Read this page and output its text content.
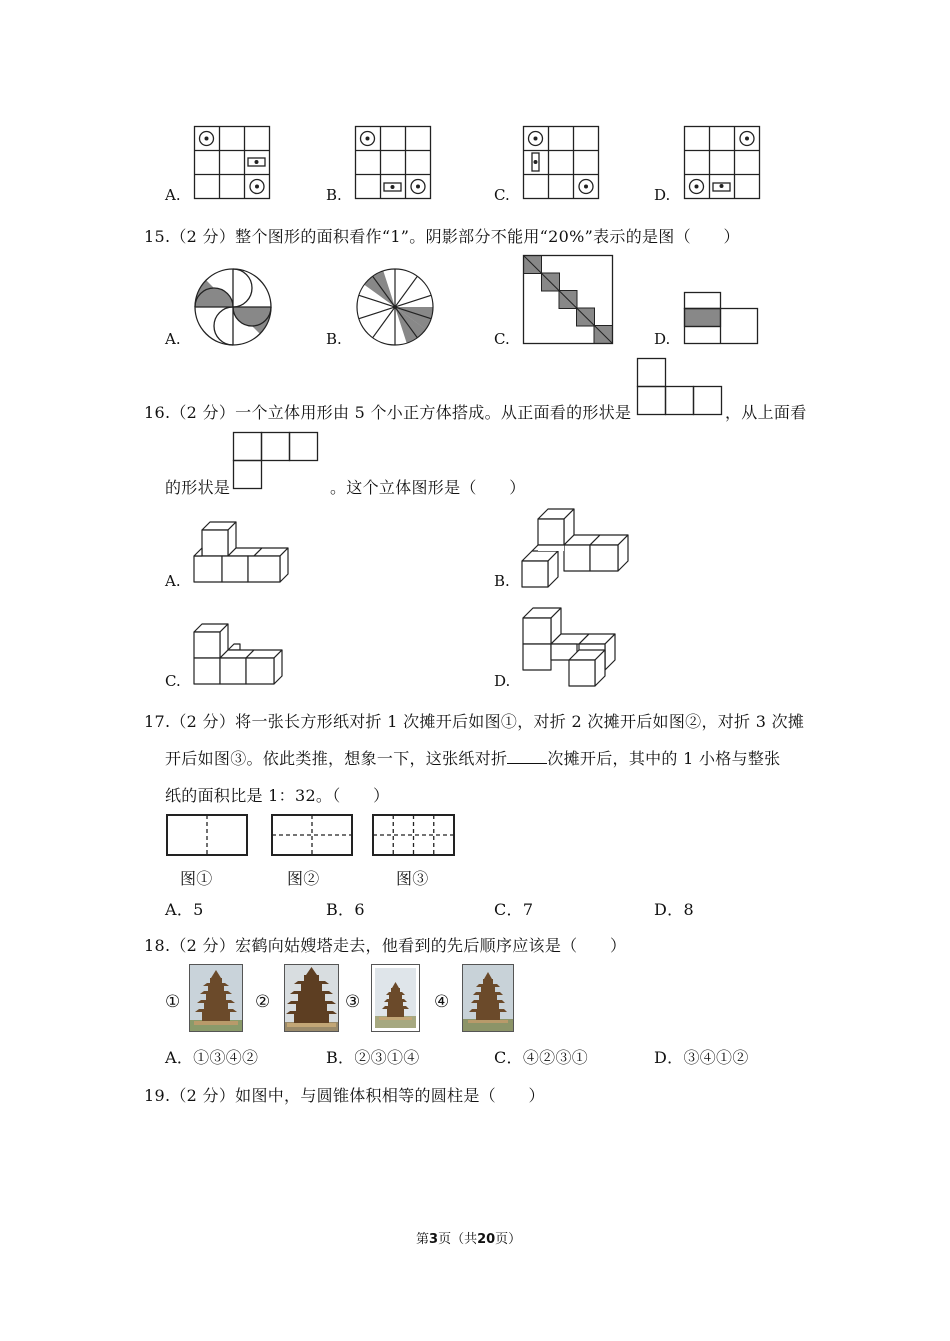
A.	B.	C.	D.
15.（2 分）整个图形的面积看作“1”。阴影部分不能用“20%”表示的是图（　　）
A.	B.	C.	D.
16.（2 分）一个立体用形由 5 个小正方体搭成。从正面看的形状是	，从上面看
的形状是	。这个立体图形是（　　）
A.	B.
C.	D.
17.（2 分）将一张长方形纸对折 1 次摊开后如图①，对折 2 次摊开后如图②，对折 3 次摊
开后如图③。依此类推，想象一下，这张纸对折	次摊开后，其中的 1 小格与整张
纸的面积比是 1：32。（　　）
图①	图②	图③
A．5	B．6	C．7	D．8
18.（2 分）宏鹤向姑嫂塔走去，他看到的先后顺序应该是（　　）
①	②	③	④
A．①③④②	B．②③①④	C．④②③①	D．③④①②
19.（2 分）如图中，与圆锥体积相等的圆柱是（　　）
第3页（共20页）
